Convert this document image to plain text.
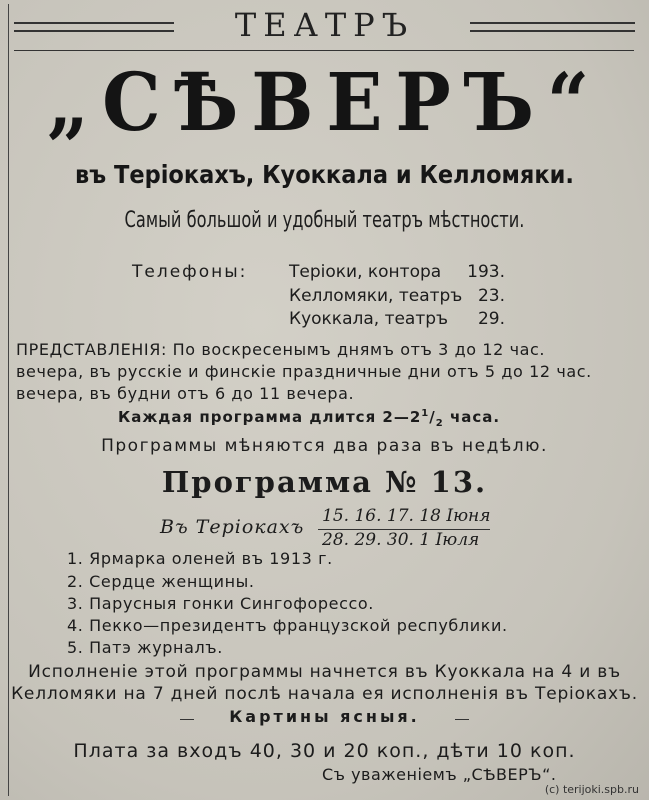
ТЕАТРЪ
„СѢВЕРЪ“
въ Теріокахъ, Куоккала и Келломяки.
Самый большой и удобный театръ мѣстности.
Телефоны: Теріоки, контора	193.
Келломяки, театръ 23.
Куоккала, театръ	29.
ПРЕДСТАВЛЕНІЯ: По воскресенымъ днямъ отъ 3 до 12 час.
вечера, въ русскіе и финскіе праздничные дни отъ 5 до 12 час.
вечера, въ будни отъ 6 до 11 вечера.
Каждая программа длится $2—2^1/_2$ часа.
Программы мѣняются два раза въ недѣлю.
Программа № 13.
Въ Теріокахъ 15. 16. 17. 18 Іюня
28. 29. 30. 1 Іюля
1. Ярмарка оленей въ 1913 г.
2. Сердце женщины.
3. Парусныя гонки Сингофорессо.
4. Пекко—президентъ французской республики.
5. Патэ журналъ.
Исполненіе этой программы начнется въ Куоккала на 4 и въ
Келломяки на 7 дней послѣ начала ея исполненія въ Теріокахъ.
Картины ясныя.
Плата за входъ 40, 30 и 20 коп., дѣти 10 коп.
Съ уваженіемъ „СѢВЕРЪ“.
(c) terijoki.spb.ru
